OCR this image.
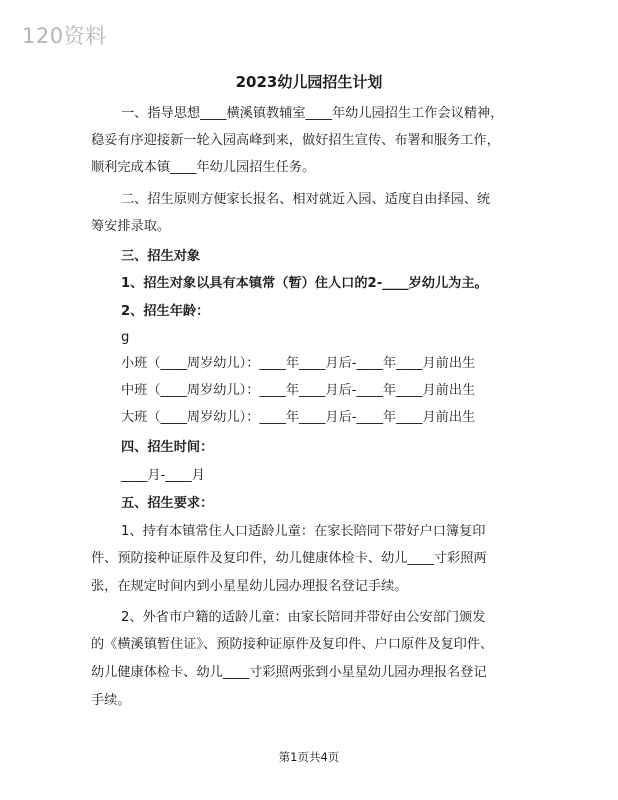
120资料
2023幼儿园招生计划
一、指导思想____横溪镇教辅室____年幼儿园招生工作会议精神，
稳妥有序迎接新一轮入园高峰到来，做好招生宣传、布署和服务工作，
顺利完成本镇____年幼儿园招生任务。
二、招生原则方便家长报名、相对就近入园、适度自由择园、统
筹安排录取。
三、招生对象
1、招生对象以具有本镇常（暂）住人口的2-____岁幼儿为主。
2、招生年龄：
g
小班（____周岁幼儿）：____年____月后-____年____月前出生
中班（____周岁幼儿）：____年____月后-____年____月前出生
大班（____周岁幼儿）：____年____月后-____年____月前出生
四、招生时间：
____月-____月
五、招生要求：
1、持有本镇常住人口适龄儿童：在家长陪同下带好户口簿复印
件、预防接种证原件及复印件，幼儿健康体检卡、幼儿____寸彩照两
张，在规定时间内到小星星幼儿园办理报名登记手续。
2、外省市户籍的适龄儿童：由家长陪同并带好由公安部门颁发
的《横溪镇暂住证》、预防接种证原件及复印件、户口原件及复印件、
幼儿健康体检卡、幼儿____寸彩照两张到小星星幼儿园办理报名登记
手续。
第1页共4页
